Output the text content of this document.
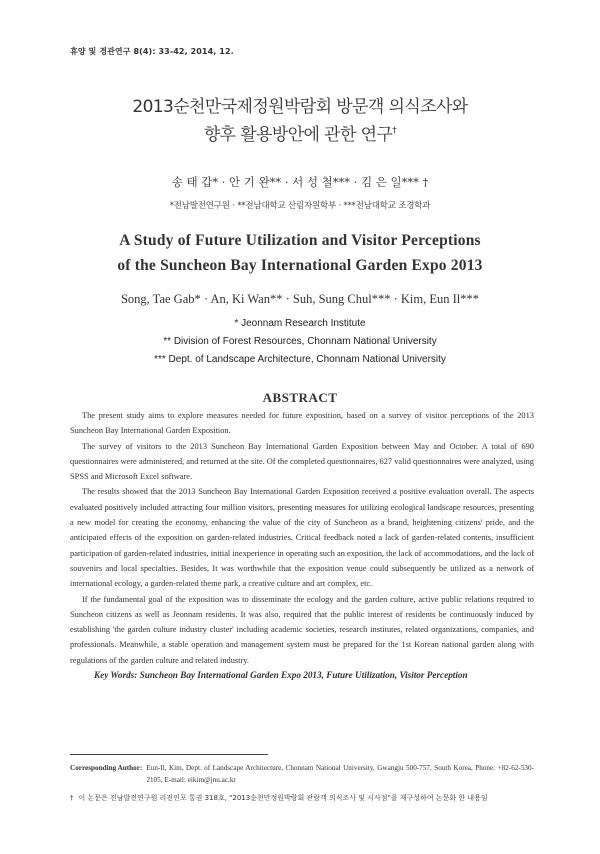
휴양 및 경관연구 8(4): 33-42, 2014, 12.
2013순천만국제정원박람회 방문객 의식조사와
향후 활용방안에 관한 연구†
송 태 갑* · 안 기 완** · 서 성 철*** · 김 은 일*** †
*전남발전연구원 · **전남대학교 산림자원학부 · ***전남대학교 조경학과
A Study of Future Utilization and Visitor Perceptions
of the Suncheon Bay International Garden Expo 2013
Song, Tae Gab* · An, Ki Wan** · Suh, Sung Chul*** · Kim, Eun Il***
* Jeonnam Research Institute
** Division of Forest Resources, Chonnam National University
*** Dept. of Landscape Architecture, Chonnam National University
ABSTRACT

The present study aims to explore measures needed for future exposition, based on a survey of visitor perceptions of the 2013 Suncheon Bay International Garden Exposition.

The survey of visitors to the 2013 Suncheon Bay International Garden Exposition between May and October. A total of 690 questionnaires were administered, and returned at the site. Of the completed questionnaires, 627 valid questionnaires were analyzed, using SPSS and Microsoft Excel software.

The results showed that the 2013 Suncheon Bay International Garden Exposition received a positive evaluation overall. The aspects evaluated positively included attracting four million visitors, presenting measures for utilizing ecological landscape resources, presenting a new model for creating the economy, enhancing the value of the city of Suncheon as a brand, heightening citizens' pride, and the anticipated effects of the exposition on garden-related industries. Critical feedback noted a lack of garden-related contents, insufficient participation of garden-related industries, initial inexperience in operating such an exposition, the lack of accommodations, and the lack of souvenirs and local specialties. Besides, It was worthwhile that the exposition venue could subsequently be utilized as a network of international ecology, a garden-related theme park, a creative culture and art complex, etc.

If the fundamental goal of the exposition was to disseminate the ecology and the garden culture, active public relations required to Suncheon citizens as well as Jeonnam residents. It was also, required that the public interest of residents be continuously induced by establishing 'the garden culture industry cluster' including academic societies, research institutes, related organizations, companies, and professionals. Meanwhile, a stable operation and management system must be prepared for the 1st Korean national garden along with regulations of the garden culture and related industry.

Key Words: Suncheon Bay International Garden Expo 2013, Future Utilization, Visitor Perception

Corresponding Author: Eun-Il, Kim, Dept. of Landscape Architecture, Chonnam National University, Gwangju 500-757, South Korea, Phone: +82-62-530-2105, E-mail: eikim@jnu.ac.kr

† 이 논문은 전남발전연구원 리전인포 통권 318호, "2013순천만정원박람회 관람객 의식조사 및 시사점"을 재구성하여 논문화 한 내용임
